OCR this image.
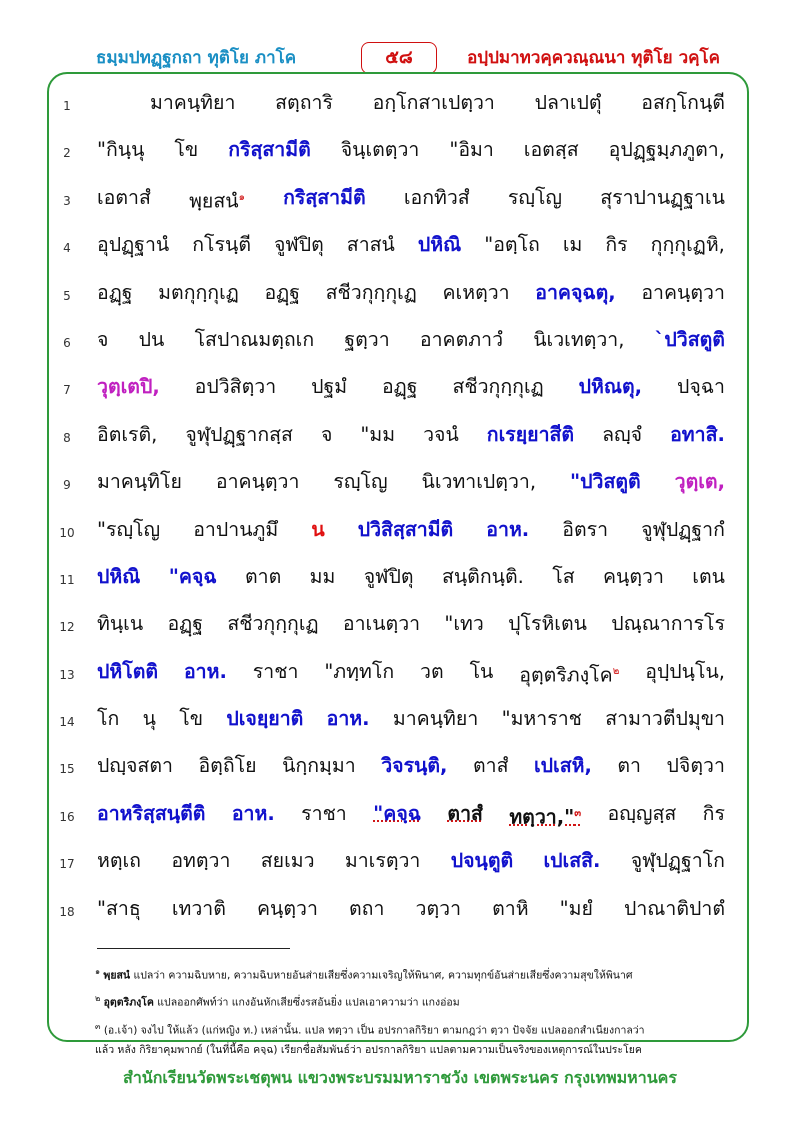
ธมฺมปทฏฺฐกถา ทุติโย ภาโค	๕๘	อปฺปมาทวคฺควณฺณนา ทุติโย วคฺโค
1	มาคนฺทิยา สตฺถาริ อกฺโกสาเปตฺวา ปลาเปตุํ อสกฺโกนฺตี
2	"กินฺนุ โข กริสฺสามีติ จินฺเตตฺวา "อิมา เอตสฺส อุปฏฺฐมฺภภูตา,
3	เอตาสํ พฺยสนํ$^๑$ กริสฺสามีติ เอกทิวสํ รญฺโญ สุราปานฏฺฐาเน
4	อุปฏฺฐานํ กโรนฺตี จูฬปิตุ สาสนํ ปหิณิ "อตฺโถ เม กิร กุกฺกุเฏหิ,
5	อฏฺฐ มตกุกฺกุเฏ อฏฺฐ สชีวกุกฺกุเฏ คเหตฺวา อาคจฺฉตุ, อาคนฺตฺวา
6	จ ปน โสปาณมตฺถเก ฐตฺวา อาคตภาวํ นิเวเทตฺวา, `ปวิสตูติ
7	วุตฺเตปิ, อปวิสิตฺวา ปฐมํ อฏฺฐ สชีวกุกฺกุเฏ ปหิณตุ, ปจฺฉา
8	อิตเรติ, จูฬุปฏฺฐากสฺส จ "มม วจนํ กเรยฺยาสีติ ลญฺจํ อทาสิ.
9	มาคนฺทิโย อาคนฺตฺวา รญฺโญ นิเวทาเปตฺวา, "ปวิสตูติ วุตฺเต,
10 "รญฺโญ อาปานภูมึ น ปวิสิสฺสามีติ อาห. อิตรา จูฬุปฏฺฐากํ
11 ปหิณิ "คจฺฉ ตาต มม จูฬปิตุ สนฺติกนฺติ. โส คนฺตฺวา เตน
12 ทินฺเน อฏฺฐ สชีวกุกฺกุเฏ อาเนตฺวา "เทว ปุโรหิเตน ปณฺณาการโร
13 ปหิโตติ อาห. ราชา "ภทฺทโก วต โน อุตฺตริภงฺโค$^๒$ อุปฺปนฺโน,
14 โก นุ โข ปเจยฺยาติ อาห. มาคนฺทิยา "มหาราช สามาวตีปมุขา
15 ปญฺจสตา อิตฺถิโย นิกฺกมฺมา วิจรนฺติ, ตาสํ เปเสหิ, ตา ปจิตฺวา
16 อาหริสฺสนฺตีติ อาห. ราชา "คจฺฉ ตาสํ ทตฺวา,"$^๓$ อญฺญสฺส กิร
17 หตฺเถ อทตฺวา สยเมว มาเรตฺวา ปจนฺตูติ เปเสสิ. จูฬุปฏฺฐาโก
18 "สาธุ เทวาติ คนฺตฺวา ตถา วตฺวา ตาหิ "มยํ ปาณาติปาตํ
$^๑$ พฺยสนํ แปลว่า ความฉิบหาย, ความฉิบหายอันส่ายเสียซึ่งความเจริญให้พินาศ, ความทุกข์อันส่ายเสียซึ่งความสุขให้พินาศ
$^๒$ อุตฺตริภงฺโค แปลออกศัพท์ว่า แกงอันหักเสียซึ่งรสอันยิ่ง แปลเอาความว่า แกงอ่อม
$^๓$ (อ.เจ้า) จงไป ให้แล้ว (แก่หญิง ท.) เหล่านั้น. แปล ทตฺวา เป็น อปรกาลกิริยา ตามกฎว่า ตฺวา ปัจจัย แปลออกสำเนียงกาลว่า
แล้ว หลัง กิริยาคุมพากย์ (ในที่นี้คือ คจฺฉ) เรียกชื่อสัมพันธ์ว่า อปรกาลกิริยา แปลตามความเป็นจริงของเหตุการณ์ในประโยค
สำนักเรียนวัดพระเชตุพน แขวงพระบรมมหาราชวัง เขตพระนคร กรุงเทพมหานคร
